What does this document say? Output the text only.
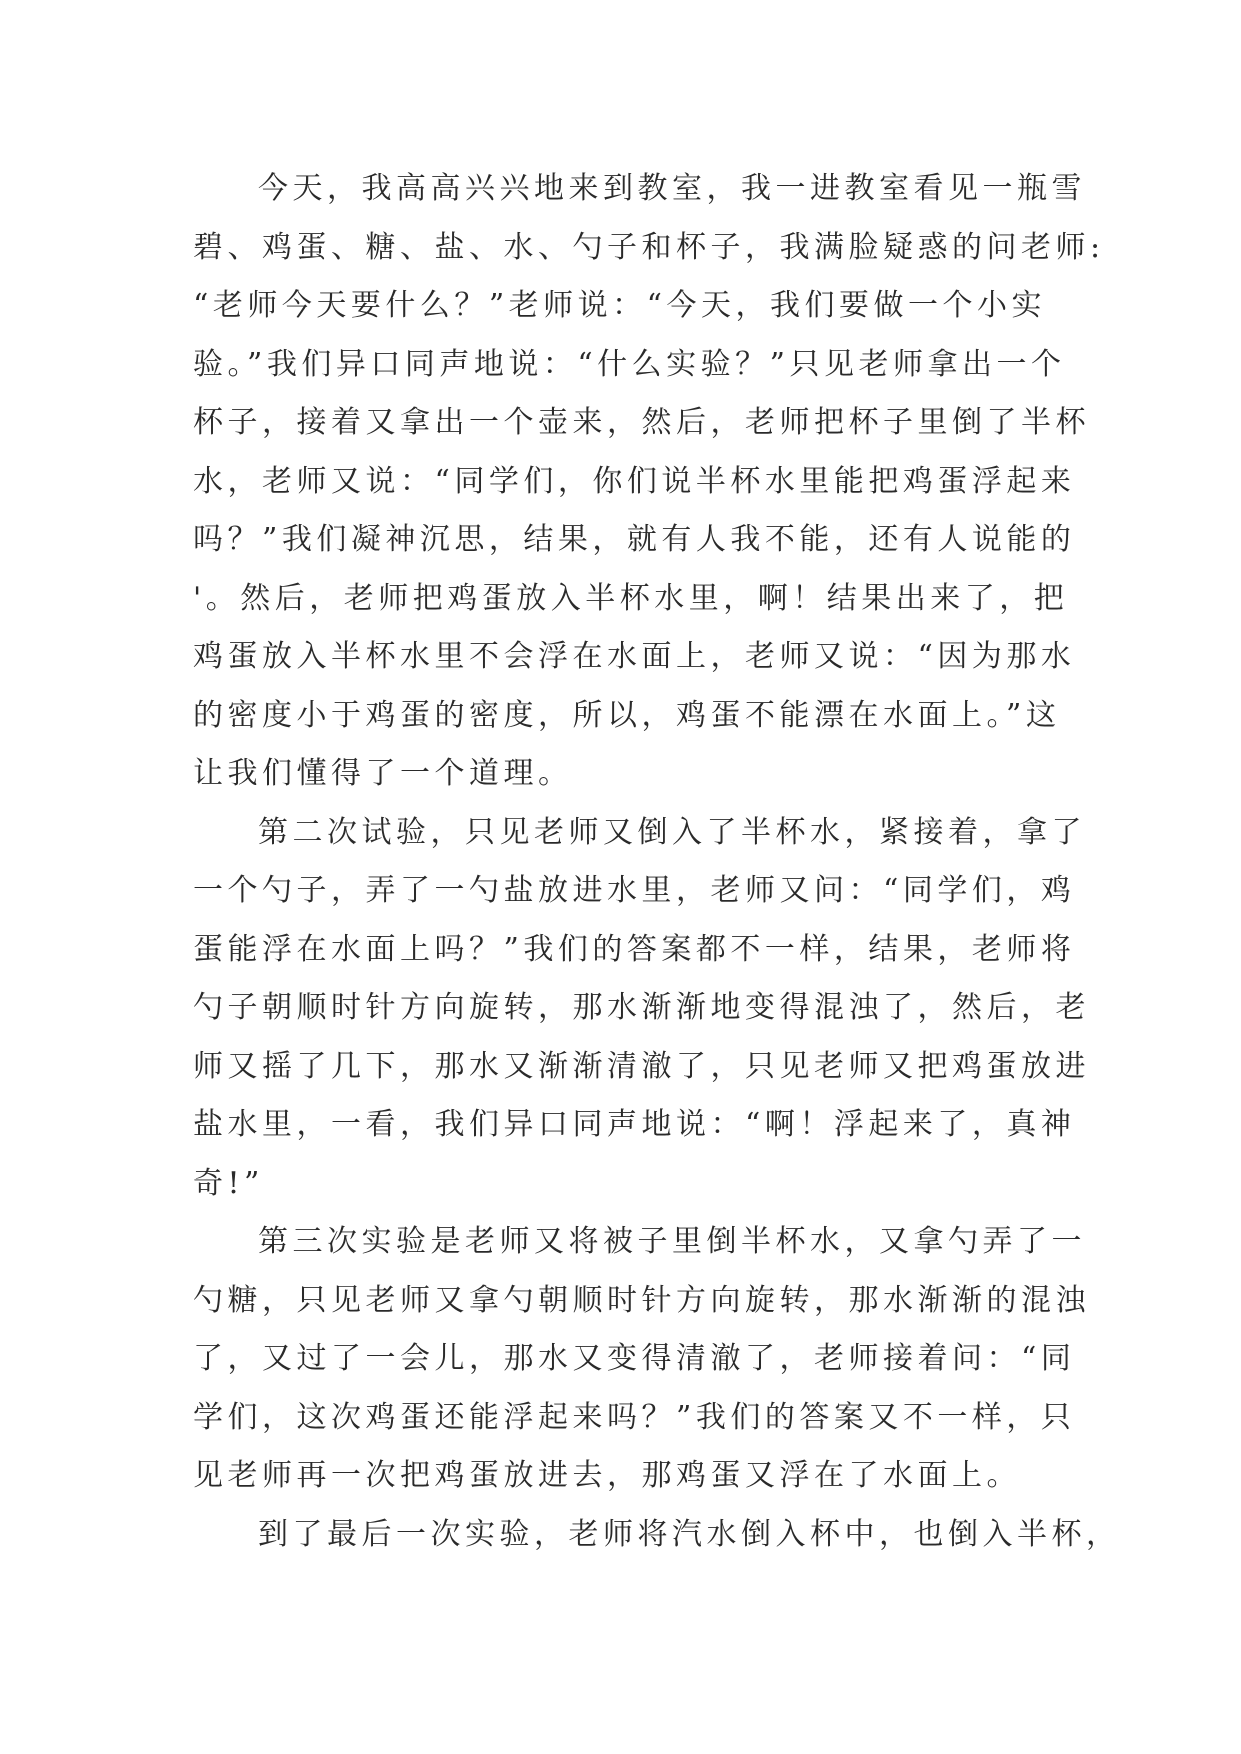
今天，我高高兴兴地来到教室，我一进教室看见一瓶雪
碧、鸡蛋、糖、盐、水、勺子和杯子，我满脸疑惑的问老师:
“老师今天要什么？”老师说：“今天，我们要做一个小实
验。”我们异口同声地说：“什么实验？”只见老师拿出一个
杯子，接着又拿出一个壶来，然后，老师把杯子里倒了半杯
水，老师又说：“同学们，你们说半杯水里能把鸡蛋浮起来
吗？”我们凝神沉思，结果，就有人我不能，还有人说能的
'。然后，老师把鸡蛋放入半杯水里，啊！结果出来了，把
鸡蛋放入半杯水里不会浮在水面上，老师又说：“因为那水
的密度小于鸡蛋的密度，所以，鸡蛋不能漂在水面上。”这
让我们懂得了一个道理。
第二次试验，只见老师又倒入了半杯水，紧接着，拿了
一个勺子，弄了一勺盐放进水里，老师又问：“同学们，鸡
蛋能浮在水面上吗？”我们的答案都不一样，结果，老师将
勺子朝顺时针方向旋转，那水渐渐地变得混浊了，然后，老
师又摇了几下，那水又渐渐清澈了，只见老师又把鸡蛋放进
盐水里，一看，我们异口同声地说：“啊！浮起来了，真神
奇!”
第三次实验是老师又将被子里倒半杯水，又拿勺弄了一
勺糖，只见老师又拿勺朝顺时针方向旋转，那水渐渐的混浊
了，又过了一会儿，那水又变得清澈了，老师接着问：“同
学们，这次鸡蛋还能浮起来吗？”我们的答案又不一样，只
见老师再一次把鸡蛋放进去，那鸡蛋又浮在了水面上。
到了最后一次实验，老师将汽水倒入杯中，也倒入半杯，
